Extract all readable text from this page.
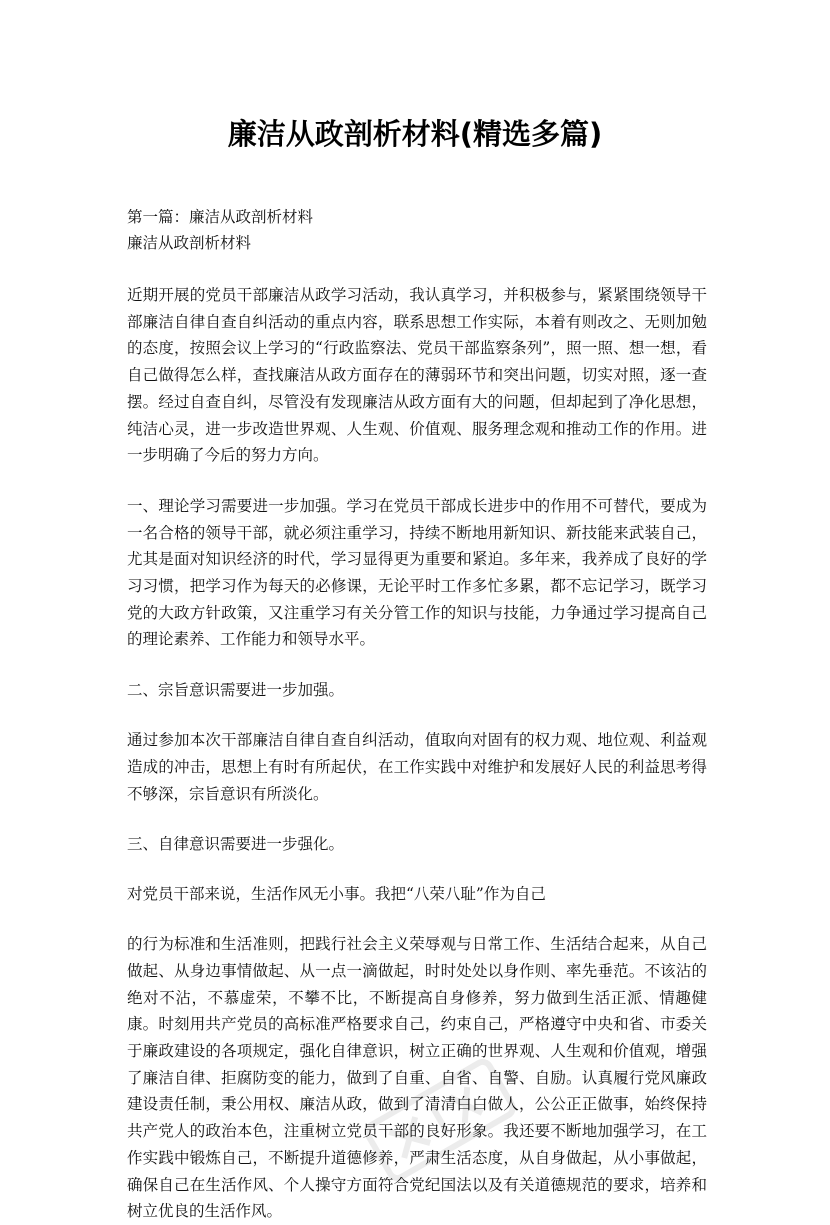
廉洁从政剖析材料(精选多篇)

第一篇：廉洁从政剖析材料

廉洁从政剖析材料

近期开展的党员干部廉洁从政学习活动，我认真学习，并积极参与，紧紧围绕领导干部廉洁自律自查自纠活动的重点内容，联系思想工作实际，本着有则改之、无则加勉的态度，按照会议上学习的“行政监察法、党员干部监察条列”，照一照、想一想，看自己做得怎么样，查找廉洁从政方面存在的薄弱环节和突出问题，切实对照，逐一查摆。经过自查自纠，尽管没有发现廉洁从政方面有大的问题，但却起到了净化思想，纯洁心灵，进一步改造世界观、人生观、价值观、服务理念观和推动工作的作用。进一步明确了今后的努力方向。

一、理论学习需要进一步加强。学习在党员干部成长进步中的作用不可替代，要成为一名合格的领导干部，就必须注重学习，持续不断地用新知识、新技能来武装自己，尤其是面对知识经济的时代，学习显得更为重要和紧迫。多年来，我养成了良好的学习习惯，把学习作为每天的必修课，无论平时工作多忙多累，都不忘记学习，既学习党的大政方针政策，又注重学习有关分管工作的知识与技能，力争通过学习提高自己的理论素养、工作能力和领导水平。

二、宗旨意识需要进一步加强。

通过参加本次干部廉洁自律自查自纠活动，值取向对固有的权力观、地位观、利益观造成的冲击，思想上有时有所起伏，在工作实践中对维护和发展好人民的利益思考得不够深，宗旨意识有所淡化。

三、自律意识需要进一步强化。

对党员干部来说，生活作风无小事。我把“八荣八耻”作为自己

的行为标准和生活准则，把践行社会主义荣辱观与日常工作、生活结合起来，从自己做起、从身边事情做起、从一点一滴做起，时时处处以身作则、率先垂范。不该沾的绝对不沾，不慕虚荣，不攀不比，不断提高自身修养，努力做到生活正派、情趣健康。时刻用共产党员的高标准严格要求自己，约束自己，严格遵守中央和省、市委关于廉政建设的各项规定，强化自律意识，树立正确的世界观、人生观和价值观，增强了廉洁自律、拒腐防变的能力，做到了自重、自省、自警、自励。认真履行党风廉政建设责任制，秉公用权、廉洁从政，做到了清清白白做人，公公正正做事，始终保持共产党人的政治本色，注重树立党员干部的良好形象。我还要不断地加强学习，在工作实践中锻炼自己，不断提升道德修养，严肃生活态度，从自身做起，从小事做起，确保自己在生活作风、个人操守方面符合党纪国法以及有关道德规范的要求，培养和树立优良的生活作风。
